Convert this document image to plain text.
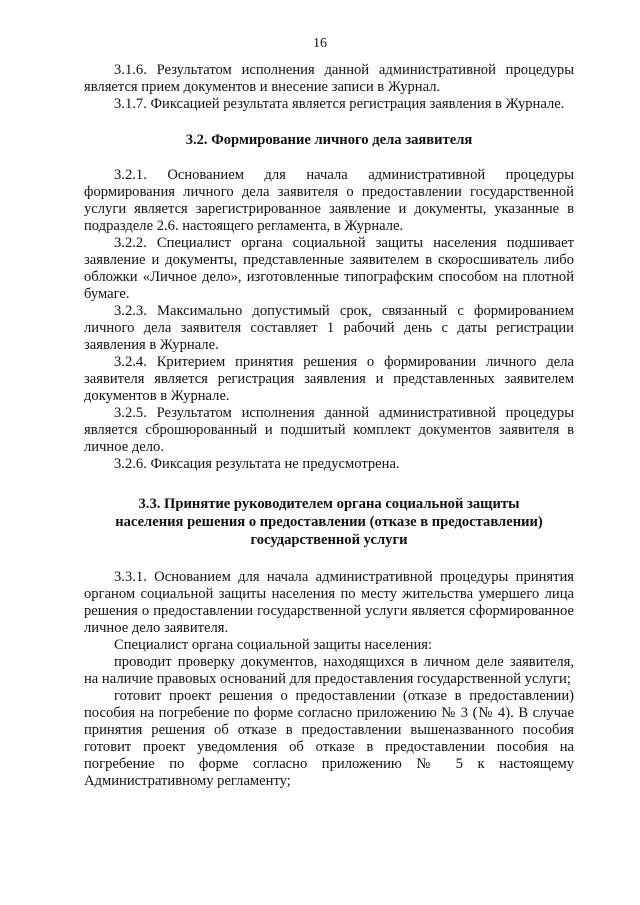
16

3.1.6. Результатом исполнения данной административной процедуры является прием документов и внесение записи в Журнал.

3.1.7. Фиксацией результата является регистрация заявления в Журнале.

3.2. Формирование личного дела заявителя

3.2.1. Основанием для начала административной процедуры формирования личного дела заявителя о предоставлении государственной услуги является зарегистрированное заявление и документы, указанные в подразделе 2.6. настоящего регламента, в Журнале.

3.2.2. Специалист органа социальной защиты населения подшивает заявление и документы, представленные заявителем в скоросшиватель либо обложки «Личное дело», изготовленные типографским способом на плотной бумаге.

3.2.3. Максимально допустимый срок, связанный с формированием личного дела заявителя составляет 1 рабочий день с даты регистрации заявления в Журнале.

3.2.4. Критерием принятия решения о формировании личного дела заявителя является регистрация заявления и представленных заявителем документов в Журнале.

3.2.5. Результатом исполнения данной административной процедуры является сброшюрованный и подшитый комплект документов заявителя в личное дело.

3.2.6. Фиксация результата не предусмотрена.

3.3. Принятие руководителем органа социальной защиты

населения решения о предоставлении (отказе в предоставлении)

государственной услуги

3.3.1. Основанием для начала административной процедуры принятия органом социальной защиты населения по месту жительства умершего лица решения о предоставлении государственной услуги является сформированное личное дело заявителя.

Специалист органа социальной защиты населения:

проводит проверку документов, находящихся в личном деле заявителя, на наличие правовых оснований для предоставления государственной услуги;

готовит проект решения о предоставлении (отказе в предоставлении) пособия на погребение по форме согласно приложению № 3 (№ 4). В случае принятия решения об отказе в предоставлении вышеназванного пособия готовит проект уведомления об отказе в предоставлении пособия на погребение по форме согласно приложению № 5 к настоящему Административному регламенту;
